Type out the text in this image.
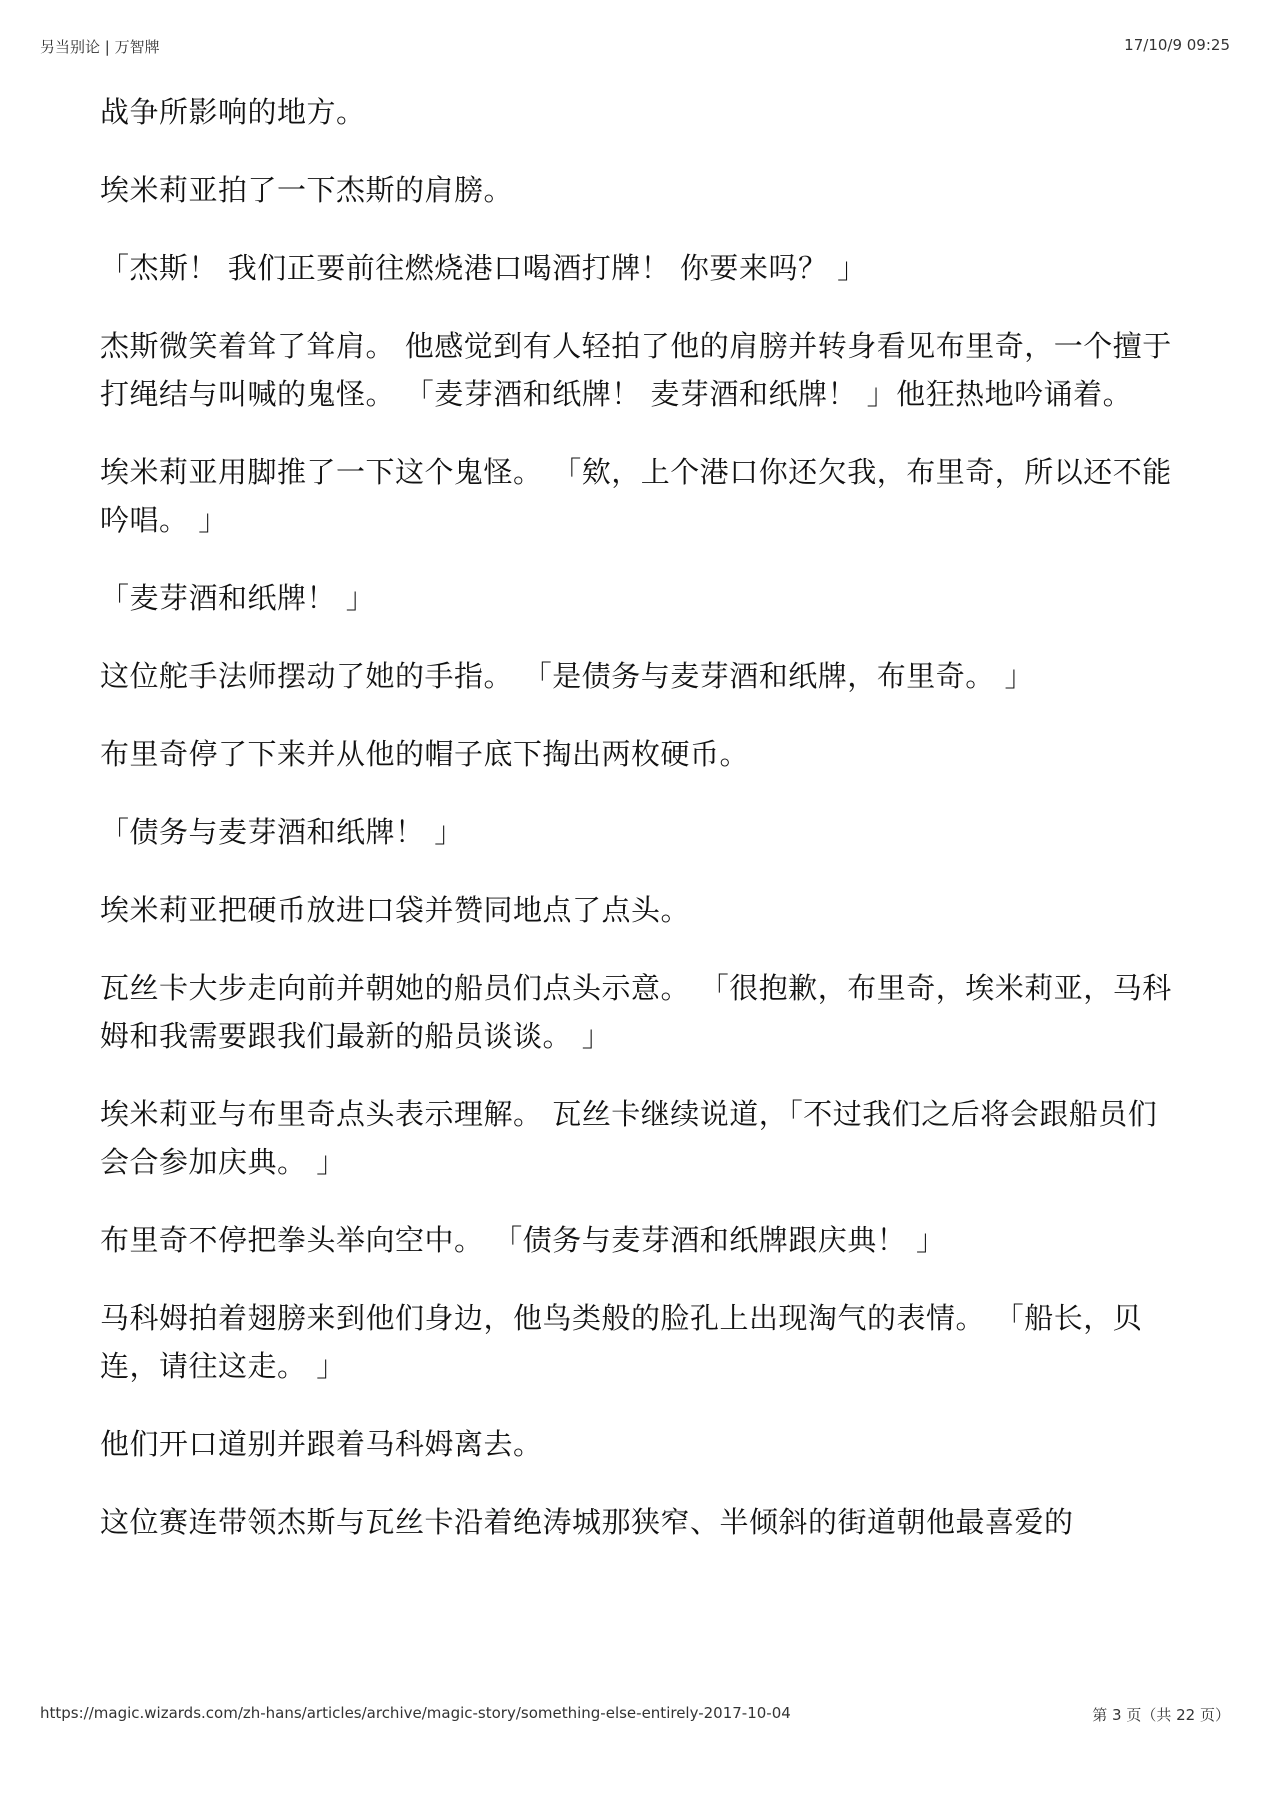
另当别论 | 万智牌	17/10/9 09:25

战争所影响的地方。

埃米莉亚拍了一下杰斯的肩膀。

「杰斯！ 我们正要前往燃烧港口喝酒打牌！ 你要来吗？ 」

杰斯微笑着耸了耸肩。 他感觉到有人轻拍了他的肩膀并转身看见布里奇，一个擅于打绳结与叫喊的鬼怪。 「麦芽酒和纸牌！ 麦芽酒和纸牌！ 」他狂热地吟诵着。

埃米莉亚用脚推了一下这个鬼怪。 「欸，上个港口你还欠我，布里奇，所以还不能吟唱。 」

「麦芽酒和纸牌！ 」

这位舵手法师摆动了她的手指。 「是债务与麦芽酒和纸牌，布里奇。 」

布里奇停了下来并从他的帽子底下掏出两枚硬币。

「债务与麦芽酒和纸牌！ 」

埃米莉亚把硬币放进口袋并赞同地点了点头。

瓦丝卡大步走向前并朝她的船员们点头示意。 「很抱歉，布里奇，埃米莉亚，马科姆和我需要跟我们最新的船员谈谈。 」

埃米莉亚与布里奇点头表示理解。 瓦丝卡继续说道，「不过我们之后将会跟船员们会合参加庆典。 」

布里奇不停把拳头举向空中。 「债务与麦芽酒和纸牌跟庆典！ 」

马科姆拍着翅膀来到他们身边，他鸟类般的脸孔上出现淘气的表情。 「船长，贝连，请往这走。 」

他们开口道别并跟着马科姆离去。

这位赛连带领杰斯与瓦丝卡沿着绝涛城那狭窄、半倾斜的街道朝他最喜爱的

https://magic.wizards.com/zh-hans/articles/archive/magic-story/something-else-entirely-2017-10-04	第 3 页（共 22 页）
